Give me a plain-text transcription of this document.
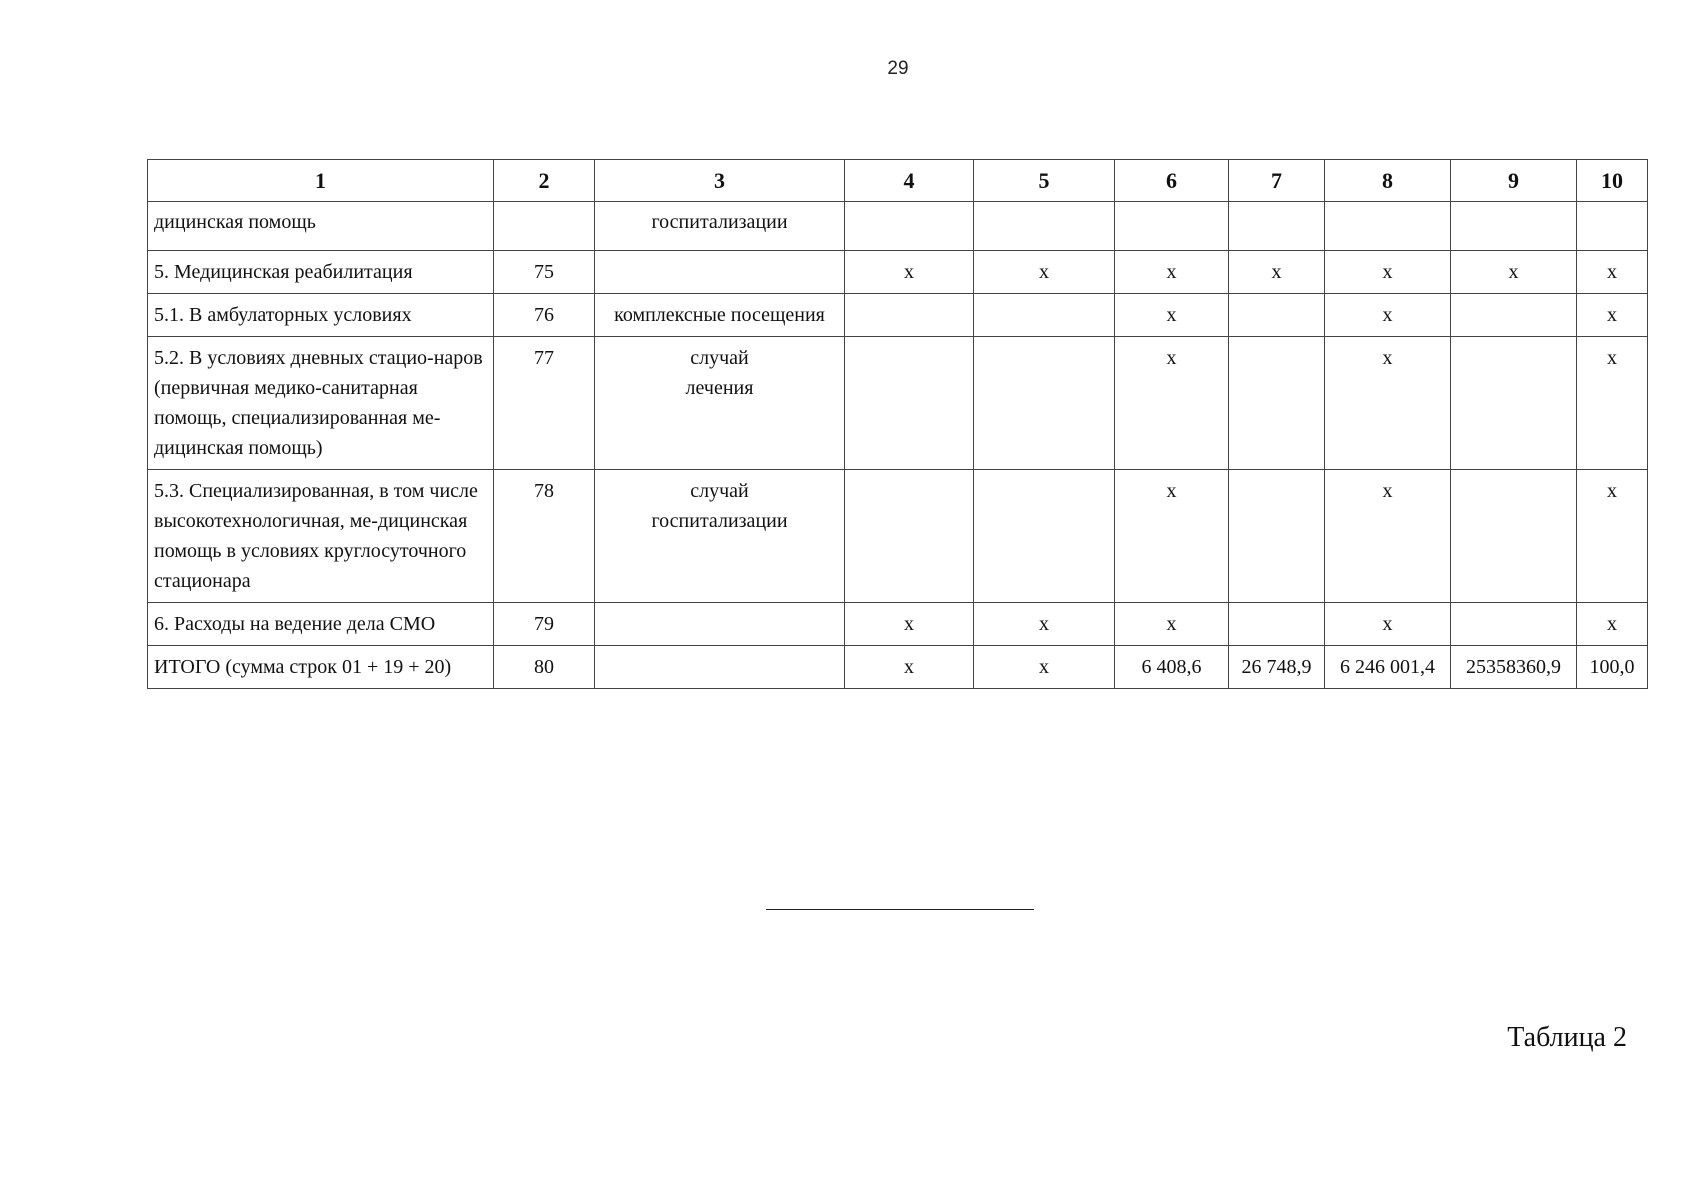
29
1	2	3	4	5	6	7	8	9	10
дицинская помощь		госпитализации							
5. Медицинская реабилитация	75		x	x	x	x	x	x	x
5.1. В амбулаторных условиях	76	комплексные посещения			x		x		x
5.2. В условиях дневных стацио-наров (первичная медико-санитарная помощь, специализированная ме-дицинская помощь)	77	случай лечения			x		x		x
5.3. Специализированная, в том числе высокотехнологичная, ме-дицинская помощь в условиях круглосуточного стационара	78	случай госпитализации			x		x		x
6. Расходы на ведение дела СМО	79		x	x	x		x		x
ИТОГО (сумма строк 01 + 19 + 20)	80		x	x	6 408,6	26 748,9	6 246 001,4	25358360,9	100,0
Таблица 2
